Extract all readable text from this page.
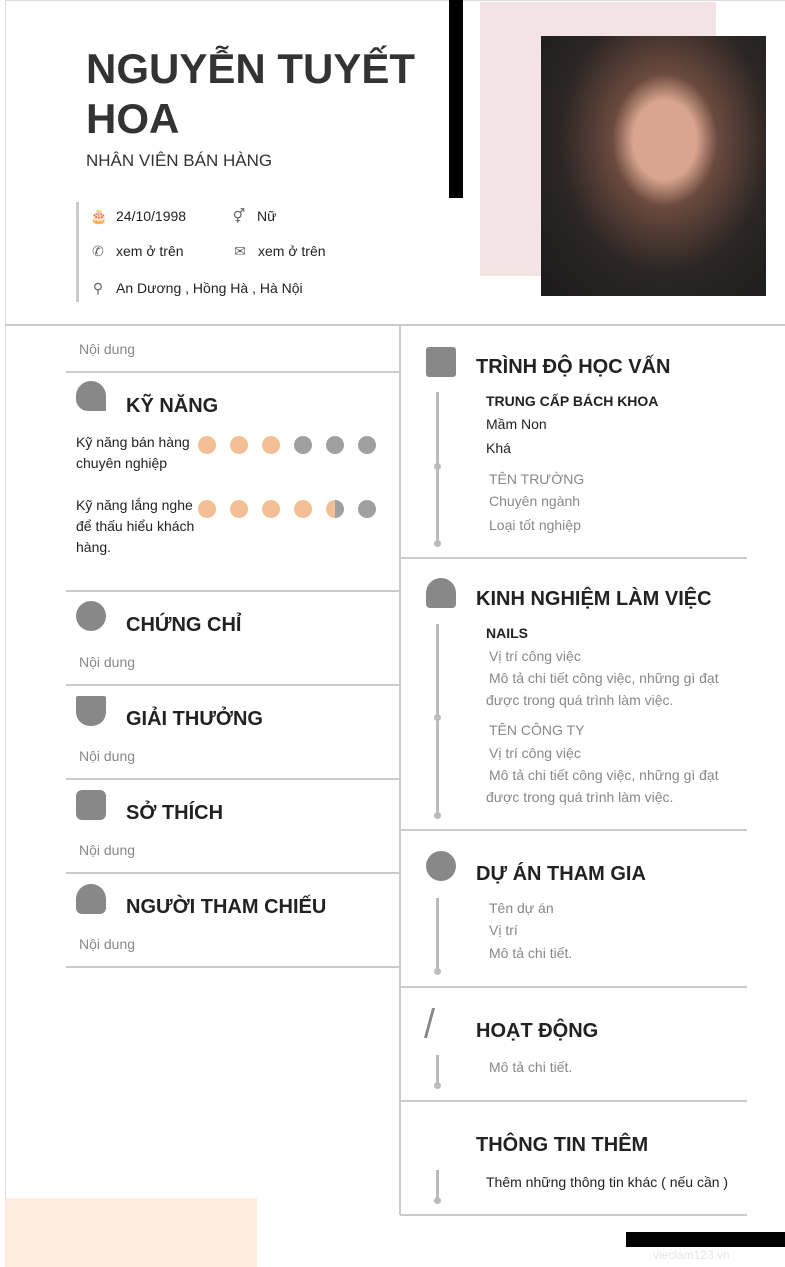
NGUYỄN TUYẾT HOA
NHÂN VIÊN BÁN HÀNG
🎂 24/10/1998	⚥ Nữ
✆ xem ở trên	✉ xem ở trên
⚲ An Dương , Hồng Hà , Hà Nội
Nội dung
KỸ NĂNG
Kỹ năng bán hàng chuyên nghiệp
Kỹ năng lắng nghe để thấu hiểu khách hàng.
CHỨNG CHỈ
Nội dung
GIẢI THƯỞNG
Nội dung
SỞ THÍCH
Nội dung
NGƯỜI THAM CHIẾU
Nội dung
TRÌNH ĐỘ HỌC VẤN
TRUNG CẤP BÁCH KHOA
Mầm Non
Khá
TÊN TRƯỜNG
Chuyên ngành
Loại tốt nghiệp
KINH NGHIỆM LÀM VIỆC
NAILS
Vị trí công việc
Mô tả chi tiết công việc, những gì đạt được trong quá trình làm việc.
TÊN CÔNG TY
Vị trí công việc
Mô tả chi tiết công việc, những gì đạt được trong quá trình làm việc.
DỰ ÁN THAM GIA
Tên dự án
Vị trí
Mô tả chi tiết.
HOẠT ĐỘNG
Mô tả chi tiết.
THÔNG TIN THÊM
Thêm những thông tin khác ( nếu cần )
vieclam123.vn
